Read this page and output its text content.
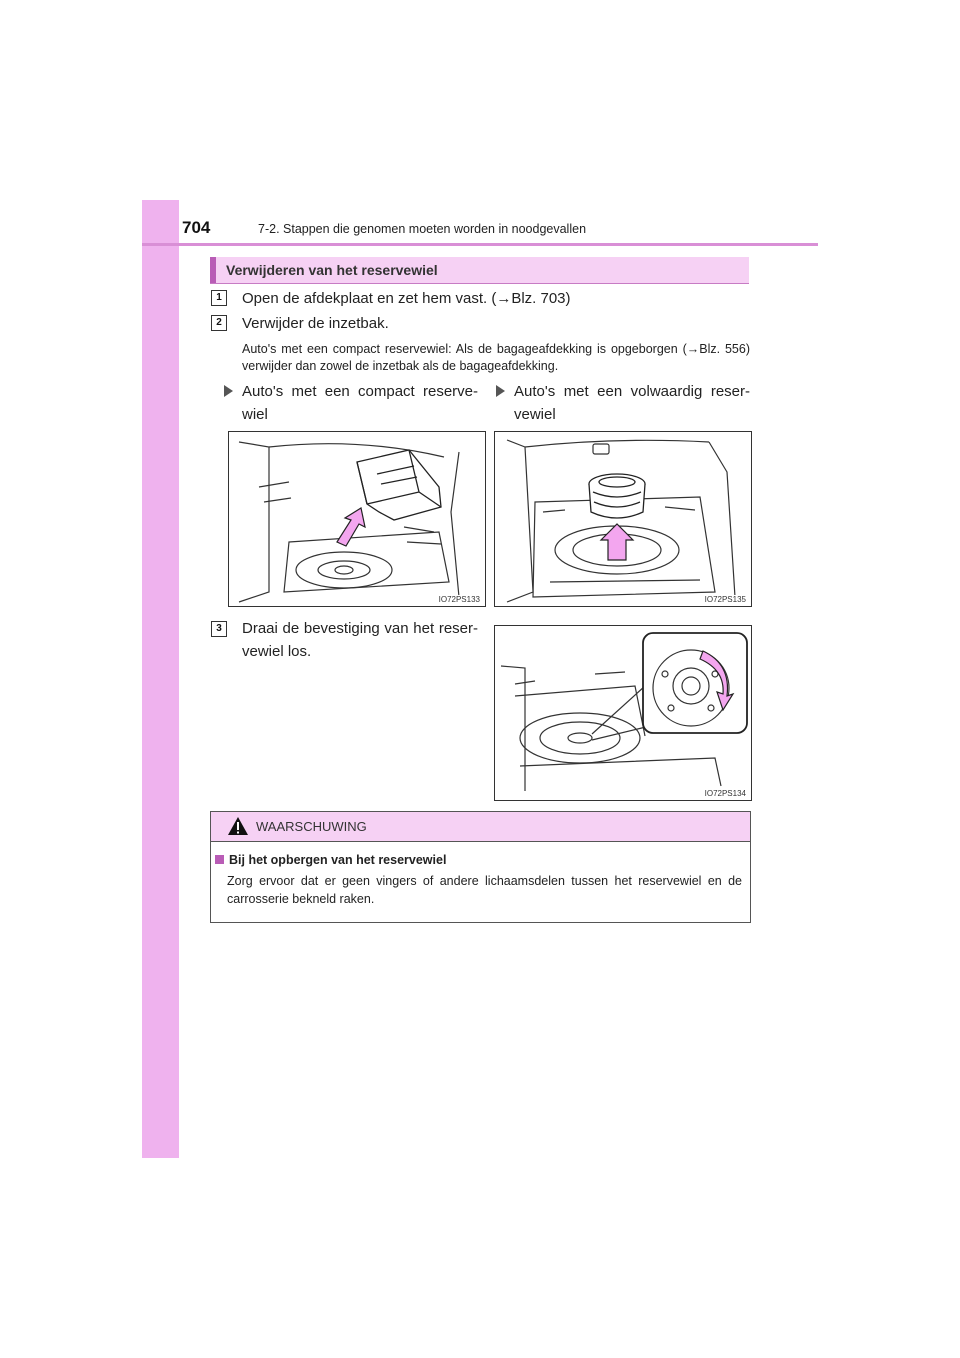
704	7-2. Stappen die genomen moeten worden in noodgevallen
Verwijderen van het reservewiel
1	Open de afdekplaat en zet hem vast. (→Blz. 703)
2	Verwijder de inzetbak.
Auto's met een compact reservewiel: Als de bagageafdekking is opgeborgen (→Blz. 556) verwijder dan zowel de inzetbak als de bagageafdekking.
Auto's met een compact reserve-wiel
Auto's met een volwaardig reser-vewiel
IO72PS133	IO72PS135
3	Draai de bevestiging van het reser-vewiel los.
IO72PS134
WAARSCHUWING
Bij het opbergen van het reservewiel
Zorg ervoor dat er geen vingers of andere lichaamsdelen tussen het reservewiel en de carrosserie bekneld raken.
